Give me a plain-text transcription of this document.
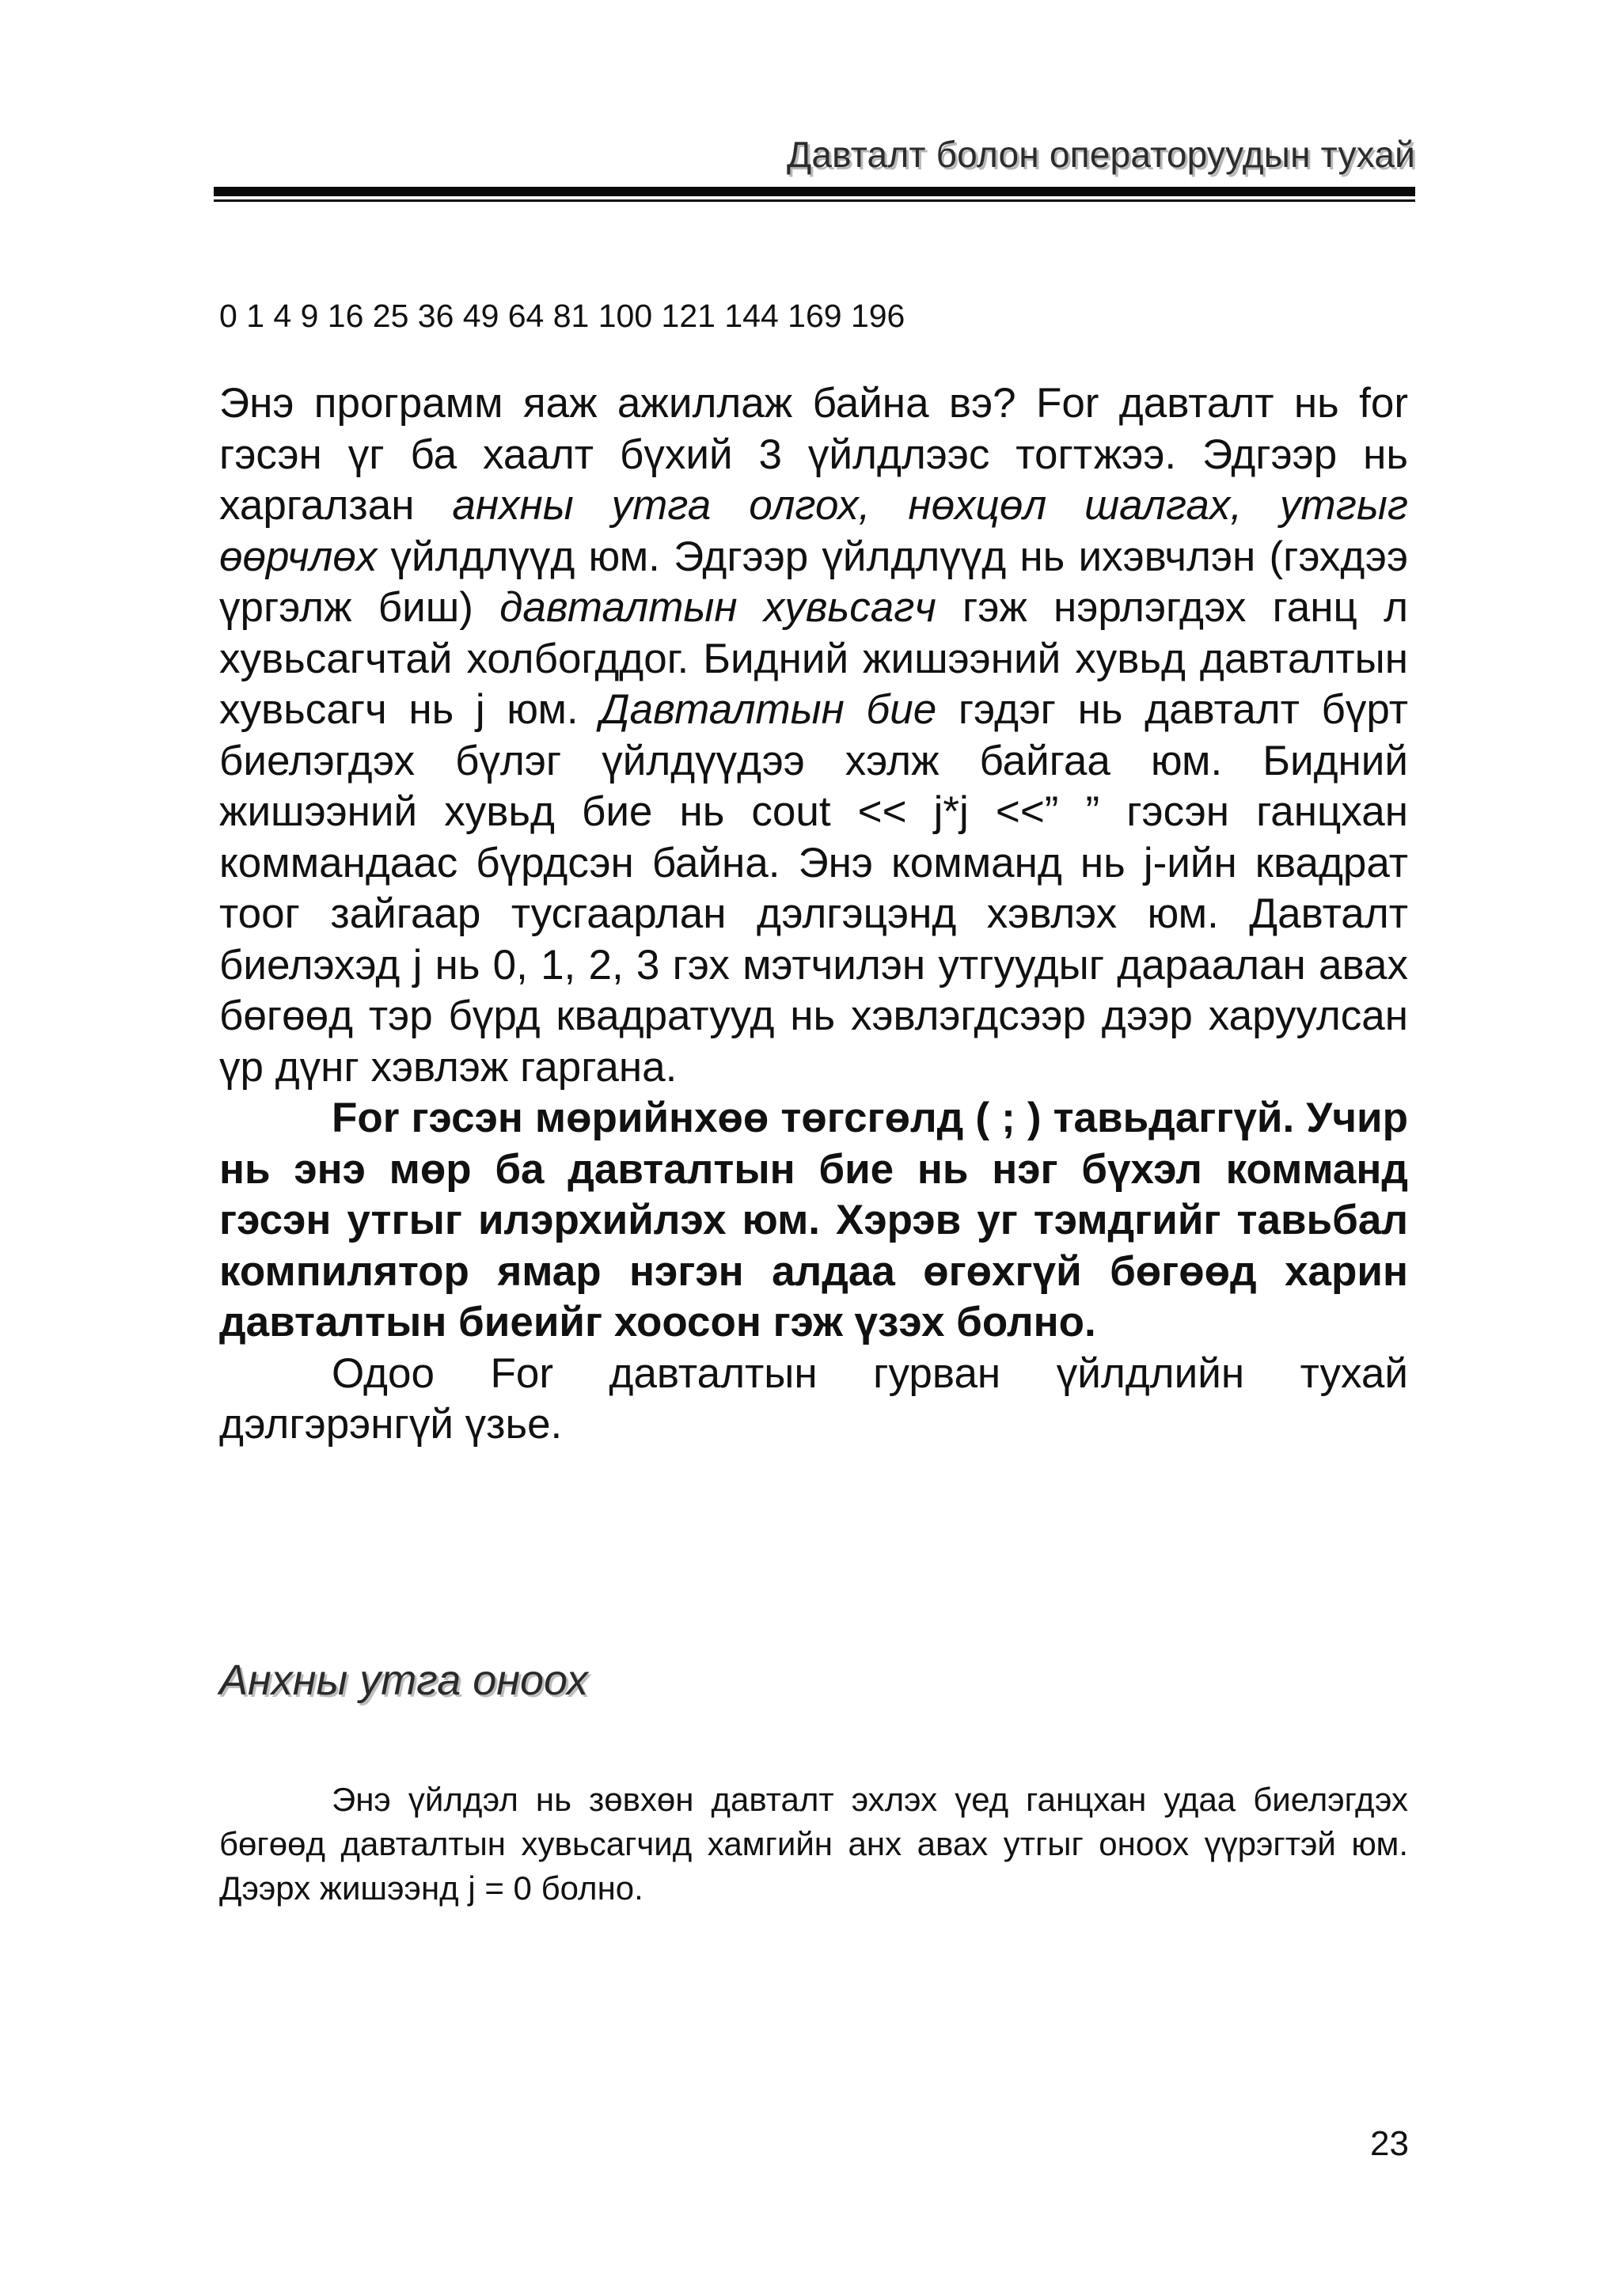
Давталт болон операторуудын тухай
0 1 4 9 16 25 36 49 64 81 100 121 144 169 196

Энэ программ яаж ажиллаж байна вэ? For давталт нь for гэсэн үг ба хаалт бүхий 3 үйлдлээс тогтжээ. Эдгээр нь харгалзан анхны утга олгох, нөхцөл шалгах, утгыг өөрчлөх үйлдлүүд юм. Эдгээр үйлдлүүд нь ихэвчлэн (гэхдээ үргэлж биш) давталтын хувьсагч гэж нэрлэгдэх ганц л хувьсагчтай холбогддог. Бидний жишээний хувьд давталтын хувьсагч нь j юм. Давталтын бие гэдэг нь давталт бүрт биелэгдэх бүлэг үйлдүүдээ хэлж байгаа юм. Бидний жишээний хувьд бие нь cout << j*j <<” ” гэсэн ганцхан коммандаас бүрдсэн байна. Энэ комманд нь j-ийн квадрат тоог зайгаар тусгаарлан дэлгэцэнд хэвлэх юм. Давталт биелэхэд j нь 0, 1, 2, 3 гэх мэтчилэн утгуудыг дараалан авах бөгөөд тэр бүрд квадратууд нь хэвлэгдсээр дээр харуулсан үр дүнг хэвлэж гаргана.

For гэсэн мөрийнхөө төгсгөлд ( ; ) тавьдаггүй. Учир нь энэ мөр ба давталтын бие нь нэг бүхэл комманд гэсэн утгыг илэрхийлэх юм. Хэрэв уг тэмдгийг тавьбал компилятор ямар нэгэн алдаа өгөхгүй бөгөөд харин давталтын биеийг хоосон гэж үзэх болно.

Одоо For давталтын гурван үйлдлийн тухай дэлгэрэнгүй үзье.

Анхны утга оноох

Энэ үйлдэл нь зөвхөн давталт эхлэх үед ганцхан удаа биелэгдэх бөгөөд давталтын хувьсагчид хамгийн анх авах утгыг оноох үүрэгтэй юм. Дээрх жишээнд j = 0 болно.

23
